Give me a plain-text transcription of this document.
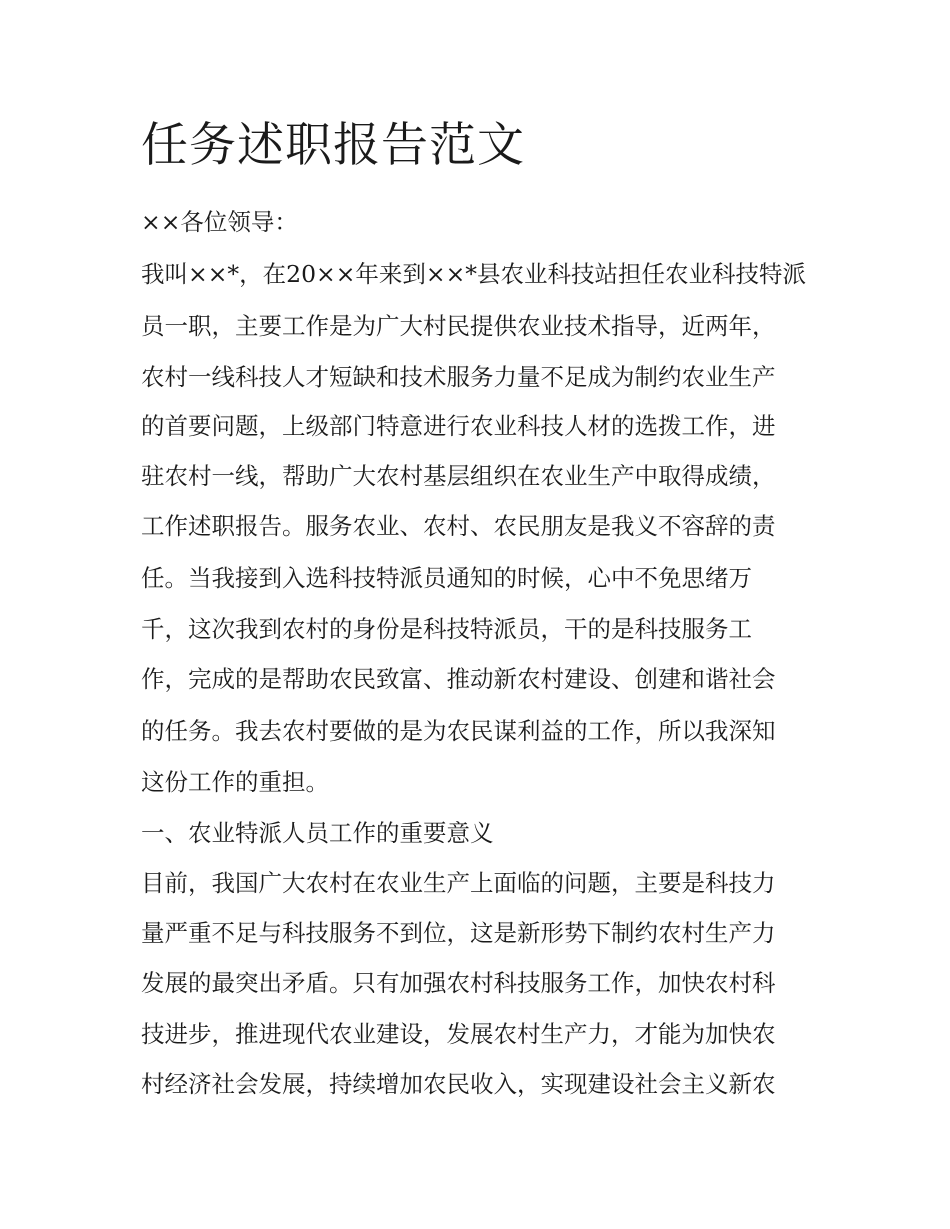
任务述职报告范文
××各位领导：
我叫××*，在20××年来到××*县农业科技站担任农业科技特派
员一职，主要工作是为广大村民提供农业技术指导，近两年，
农村一线科技人才短缺和技术服务力量不足成为制约农业生产
的首要问题，上级部门特意进行农业科技人材的选拨工作，进
驻农村一线，帮助广大农村基层组织在农业生产中取得成绩，
工作述职报告。服务农业、农村、农民朋友是我义不容辞的责
任。当我接到入选科技特派员通知的时候，心中不免思绪万
千，这次我到农村的身份是科技特派员，干的是科技服务工
作，完成的是帮助农民致富、推动新农村建设、创建和谐社会
的任务。我去农村要做的是为农民谋利益的工作，所以我深知
这份工作的重担。
一、农业特派人员工作的重要意义
目前，我国广大农村在农业生产上面临的问题，主要是科技力
量严重不足与科技服务不到位，这是新形势下制约农村生产力
发展的最突出矛盾。只有加强农村科技服务工作，加快农村科
技进步，推进现代农业建设，发展农村生产力，才能为加快农
村经济社会发展，持续增加农民收入，实现建设社会主义新农
